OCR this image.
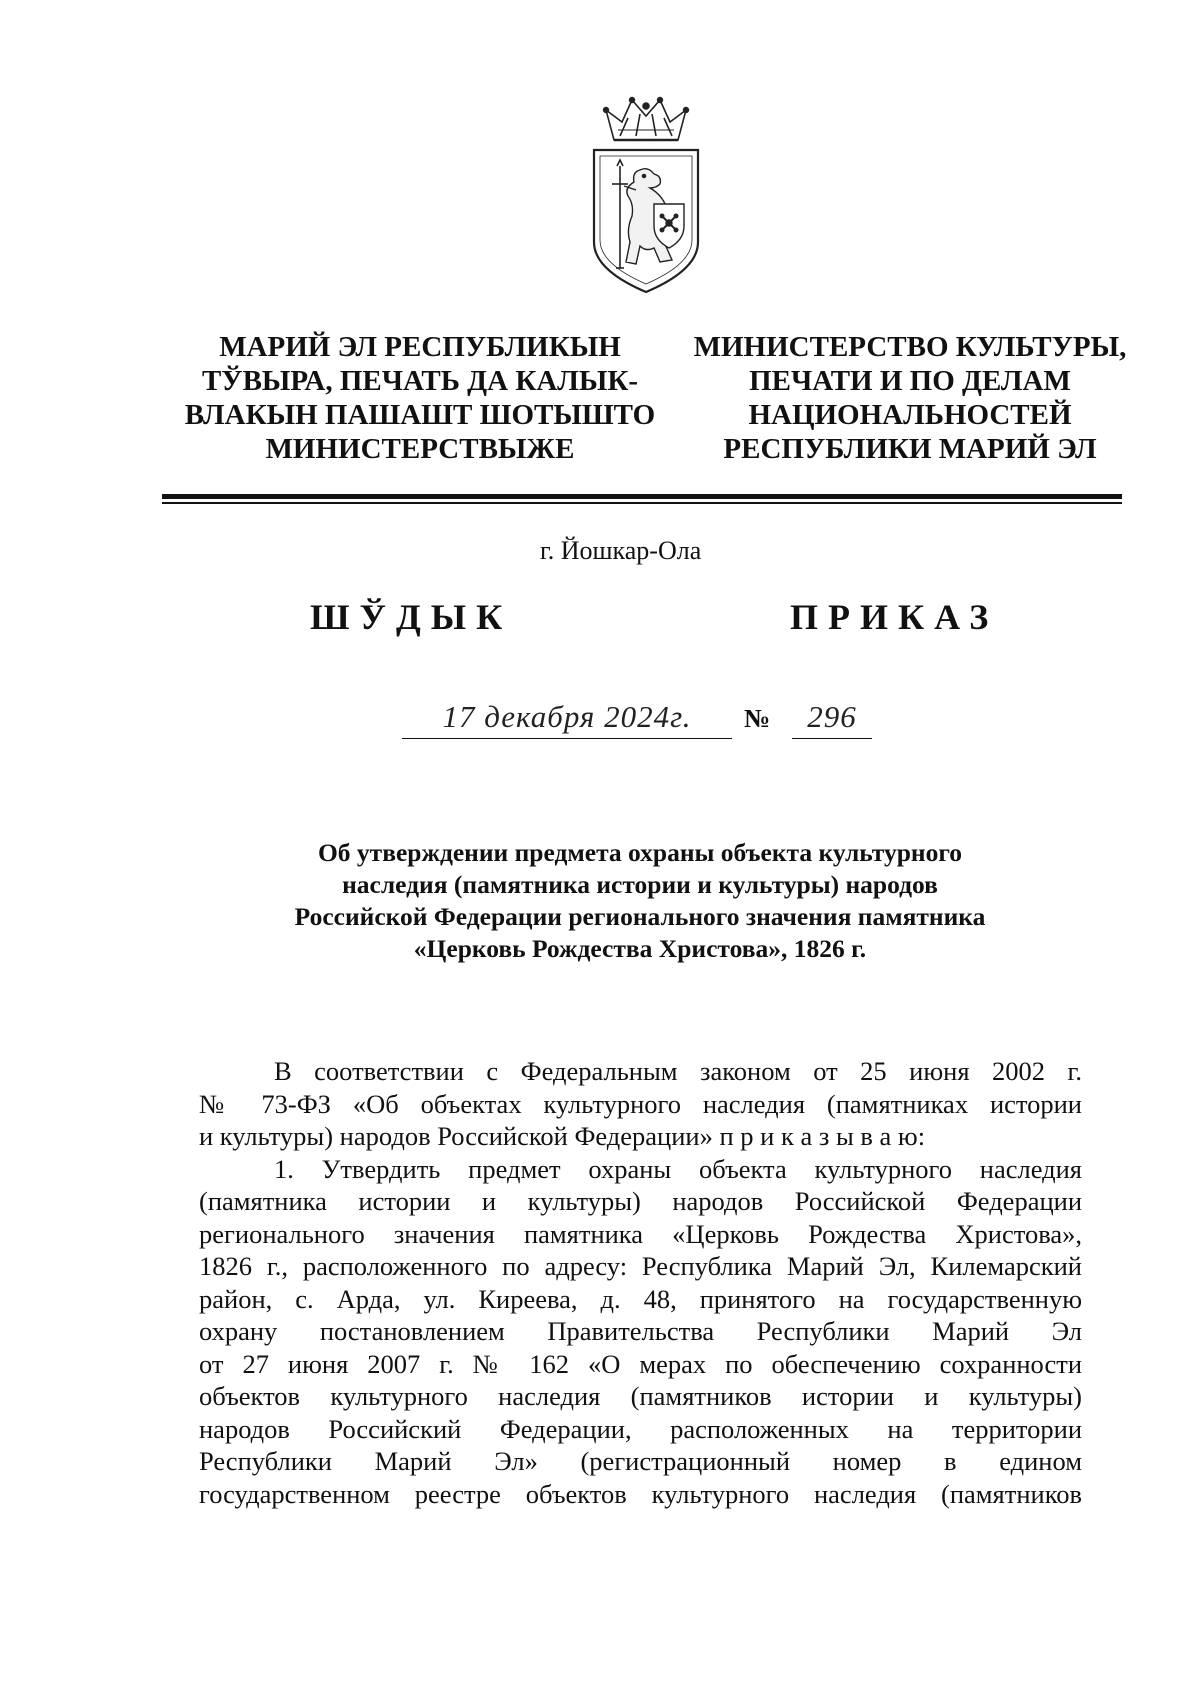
МАРИЙ ЭЛ РЕСПУБЛИКЫН
ТЎВЫРА, ПЕЧАТЬ ДА КАЛЫК-
ВЛАКЫН ПАШАШТ ШОТЫШТО
МИНИСТЕРСТВЫЖЕ
МИНИСТЕРСТВО КУЛЬТУРЫ,
ПЕЧАТИ И ПО ДЕЛАМ
НАЦИОНАЛЬНОСТЕЙ
РЕСПУБЛИКИ МАРИЙ ЭЛ
г. Йошкар-Ола
ШЎДЫК	ПРИКАЗ
17 декабря 2024г.	№	296
Об утверждении предмета охраны объекта культурного
наследия (памятника истории и культуры) народов
Российской Федерации регионального значения памятника
«Церковь Рождества Христова», 1826 г.
В соответствии с Федеральным законом от 25 июня 2002 г.
№ 73-ФЗ «Об объектах культурного наследия (памятниках истории
и культуры) народов Российской Федерации» п р и к а з ы в а ю:
1. Утвердить предмет охраны объекта культурного наследия
(памятника истории и культуры) народов Российской Федерации
регионального значения памятника «Церковь Рождества Христова»,
1826 г., расположенного по адресу: Республика Марий Эл, Килемарский
район, с. Арда, ул. Киреева, д. 48, принятого на государственную
охрану постановлением Правительства Республики Марий Эл
от 27 июня 2007 г. № 162 «О мерах по обеспечению сохранности
объектов культурного наследия (памятников истории и культуры)
народов Российский Федерации, расположенных на территории
Республики Марий Эл» (регистрационный номер в едином
государственном реестре объектов культурного наследия (памятников
